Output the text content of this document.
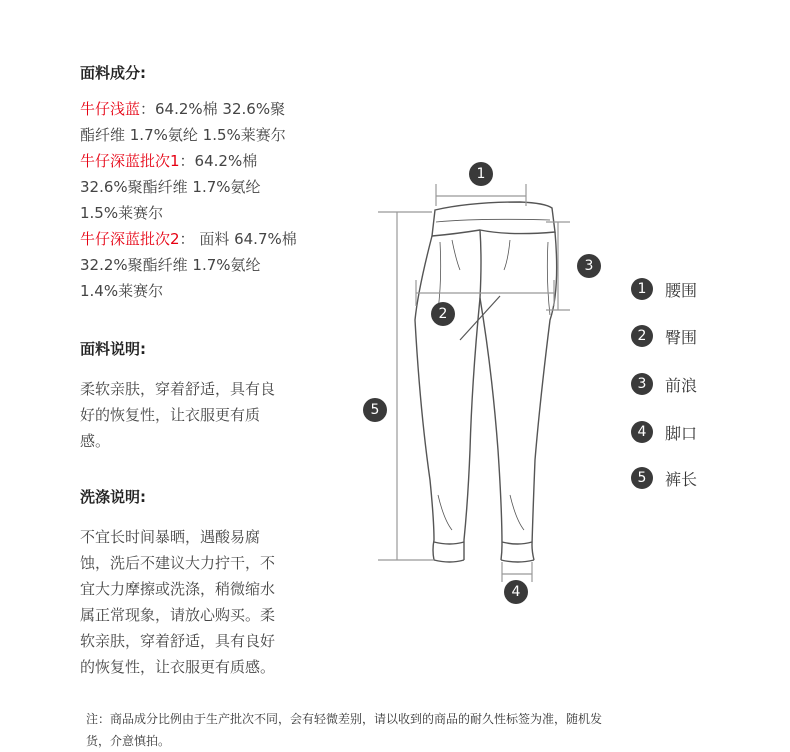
面料成分:
牛仔浅蓝：64.2%棉 32.6%聚
酯纤维 1.7%氨纶 1.5%莱赛尔
牛仔深蓝批次1：64.2%棉
32.6%聚酯纤维 1.7%氨纶
1.5%莱赛尔
牛仔深蓝批次2： 面料 64.7%棉
32.2%聚酯纤维 1.7%氨纶
1.4%莱赛尔
面料说明:
柔软亲肤，穿着舒适，具有良
好的恢复性，让衣服更有质
感。
洗涤说明:
不宜长时间暴晒，遇酸易腐
蚀，洗后不建议大力拧干，不
宜大力摩擦或洗涤，稍微缩水
属正常现象，请放心购买。柔
软亲肤，穿着舒适，具有良好
的恢复性，让衣服更有质感。
注：商品成分比例由于生产批次不同，会有轻微差别，请以收到的商品的耐久性标签为准，随机发
货，介意慎拍。
1
2
3
4
5
1	腰围
2	臀围
3	前浪
4	脚口
5	裤长
